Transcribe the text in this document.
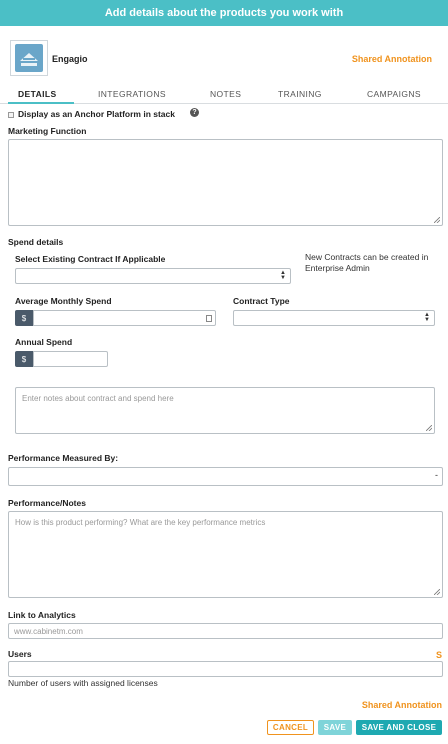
Add details about the products you work with
Engagio	Shared Annotation
DETAILS	INTEGRATIONS	NOTES	TRAINING	CAMPAIGNS
Display as an Anchor Platform in stack	?
Marketing Function
Spend details
Select Existing Contract If Applicable
▲
▼
New Contracts can be created in Enterprise Admin
Average Monthly Spend
$
Contract Type
▲
▼
Annual Spend
$
Enter notes about contract and spend here
Performance Measured By:
-
Performance/Notes
How is this product performing? What are the key performance metrics
Link to Analytics
www.cabinetm.com
Users	S
Number of users with assigned licenses
Shared Annotation
CANCEL	SAVE	SAVE AND CLOSE
